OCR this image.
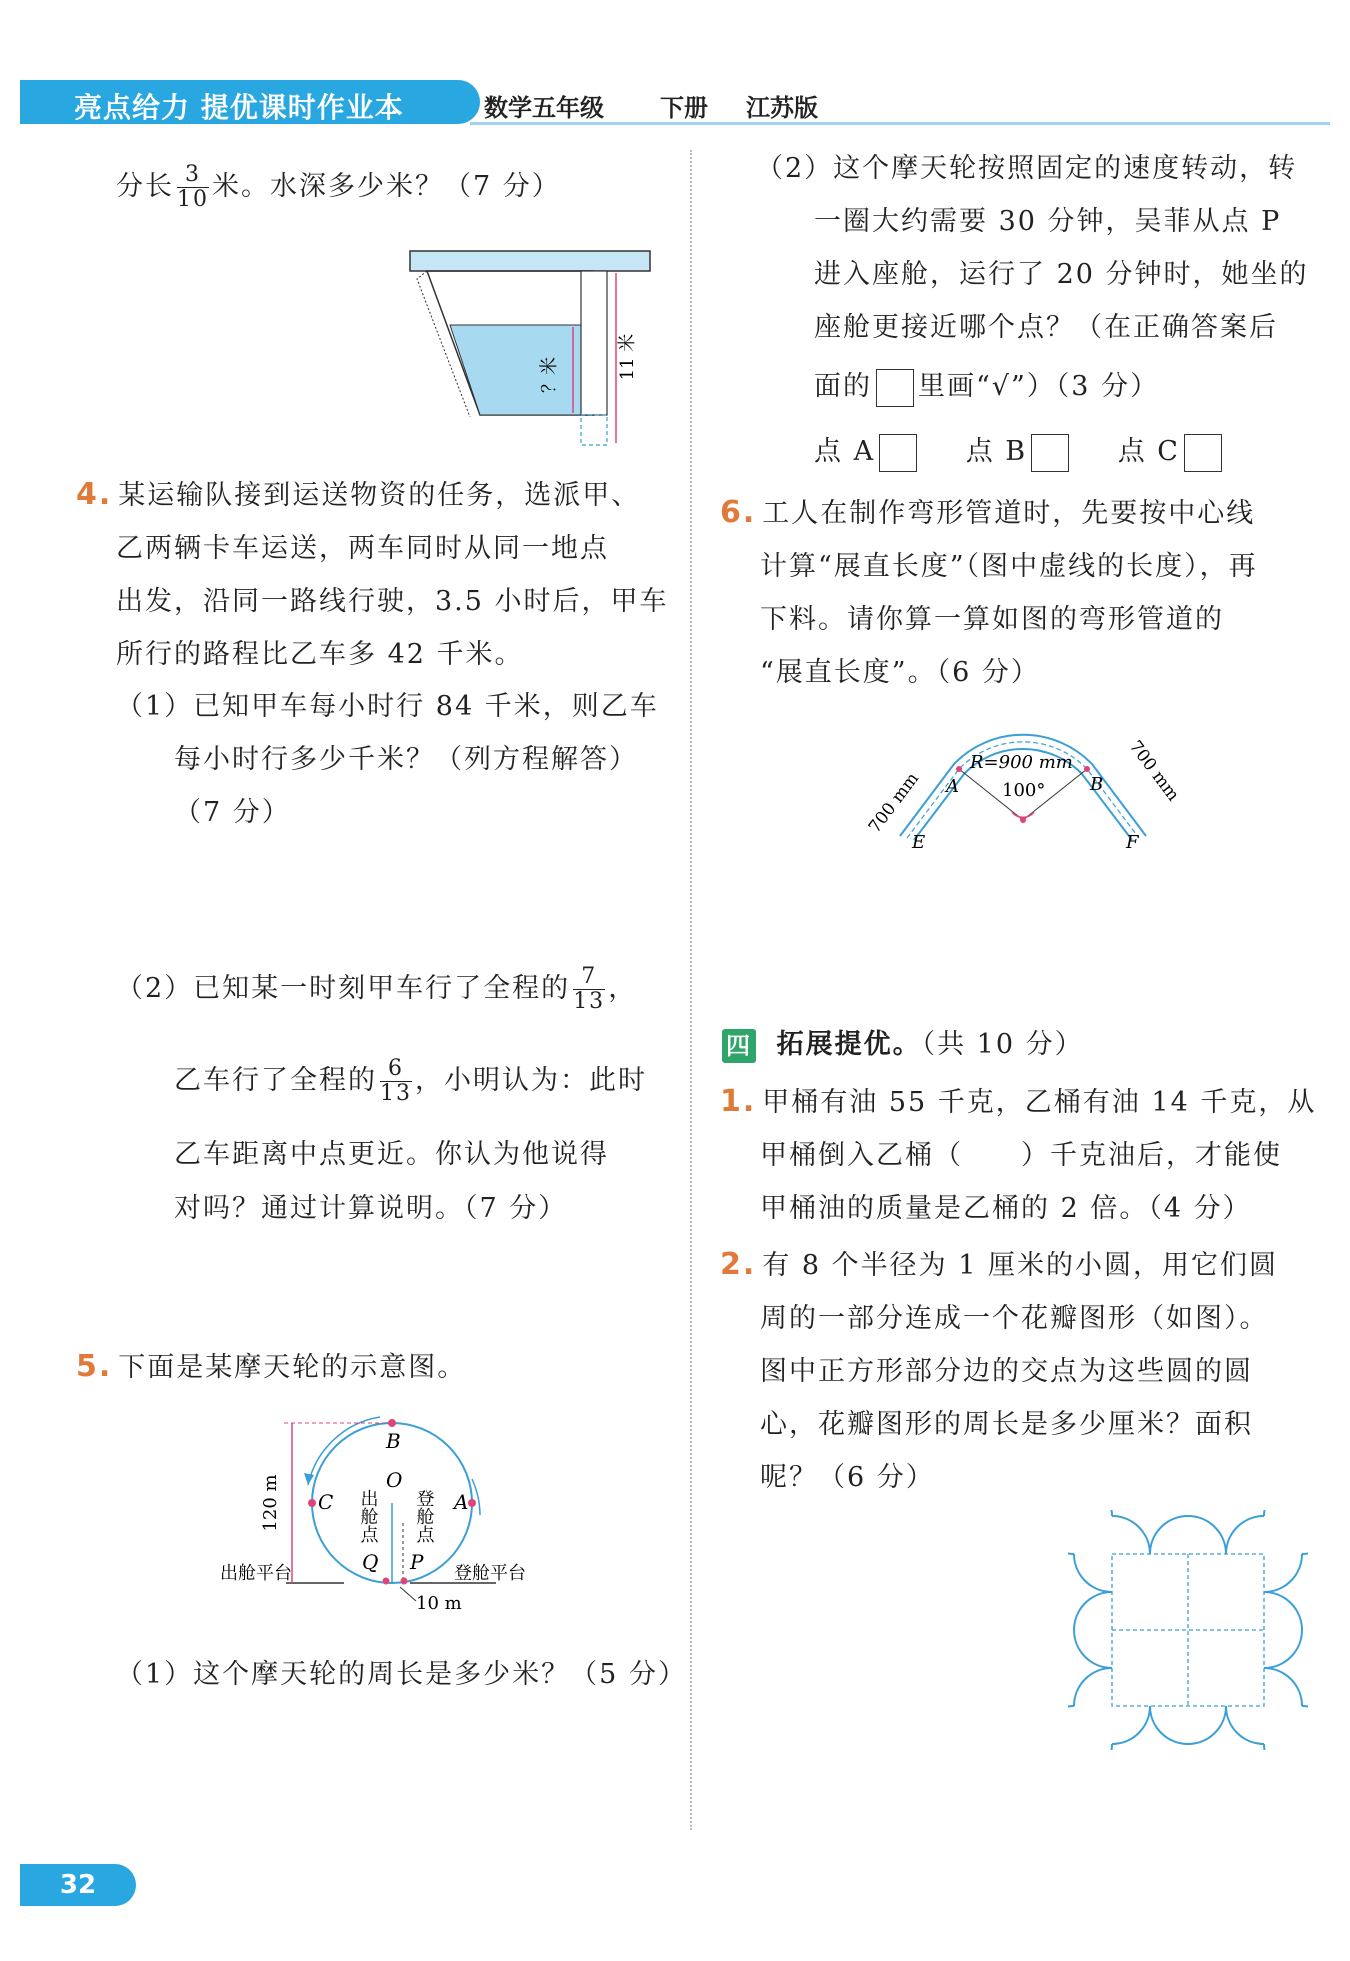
亮点给力 提优课时作业本	数学五年级 下册 江苏版
分长 $\frac{3}{10}$ 米。水深多少米？（7 分）
？米	11 米
4. 某运输队接到运送物资的任务，选派甲、
乙两辆卡车运送，两车同时从同一地点
出发，沿同一路线行驶，3.5 小时后，甲车
所行的路程比乙车多 42 千米。
（1）已知甲车每小时行 84 千米，则乙车
每小时行多少千米？（列方程解答）
（7 分）
（2）已知某一时刻甲车行了全程的 $\frac{7}{13}$ ，
乙车行了全程的 $\frac{6}{13}$ ，小明认为：此时
乙车距离中点更近。你认为他说得
对吗？通过计算说明。（7 分）
5. 下面是某摩天轮的示意图。
B
C	A
O
Q P
出舱点 登舱点
120 m
出舱平台	登舱平台
10 m
（1）这个摩天轮的周长是多少米？（5 分）
（2）这个摩天轮按照固定的速度转动，转
一圈大约需要 30 分钟，吴菲从点 P
进入座舱，运行了 20 分钟时，她坐的
座舱更接近哪个点？（在正确答案后
面的 里画“√”）（3 分）
点 A	点 B	点 C
6. 工人在制作弯形管道时，先要按中心线
计算“展直长度”（图中虚线的长度），再
下料。请你算一算如图的弯形管道的
“展直长度”。（6 分）
R=900 mm
100°
A	B
E	F
700 mm	700 mm
四 拓展提优。（共 10 分）
1. 甲桶有油 55 千克，乙桶有油 14 千克，从
甲桶倒入乙桶（　　）千克油后，才能使
甲桶油的质量是乙桶的 2 倍。（4 分）
2. 有 8 个半径为 1 厘米的小圆，用它们圆
周的一部分连成一个花瓣图形（如图）。
图中正方形部分边的交点为这些圆的圆
心，花瓣图形的周长是多少厘米？面积
呢？（6 分）
32
